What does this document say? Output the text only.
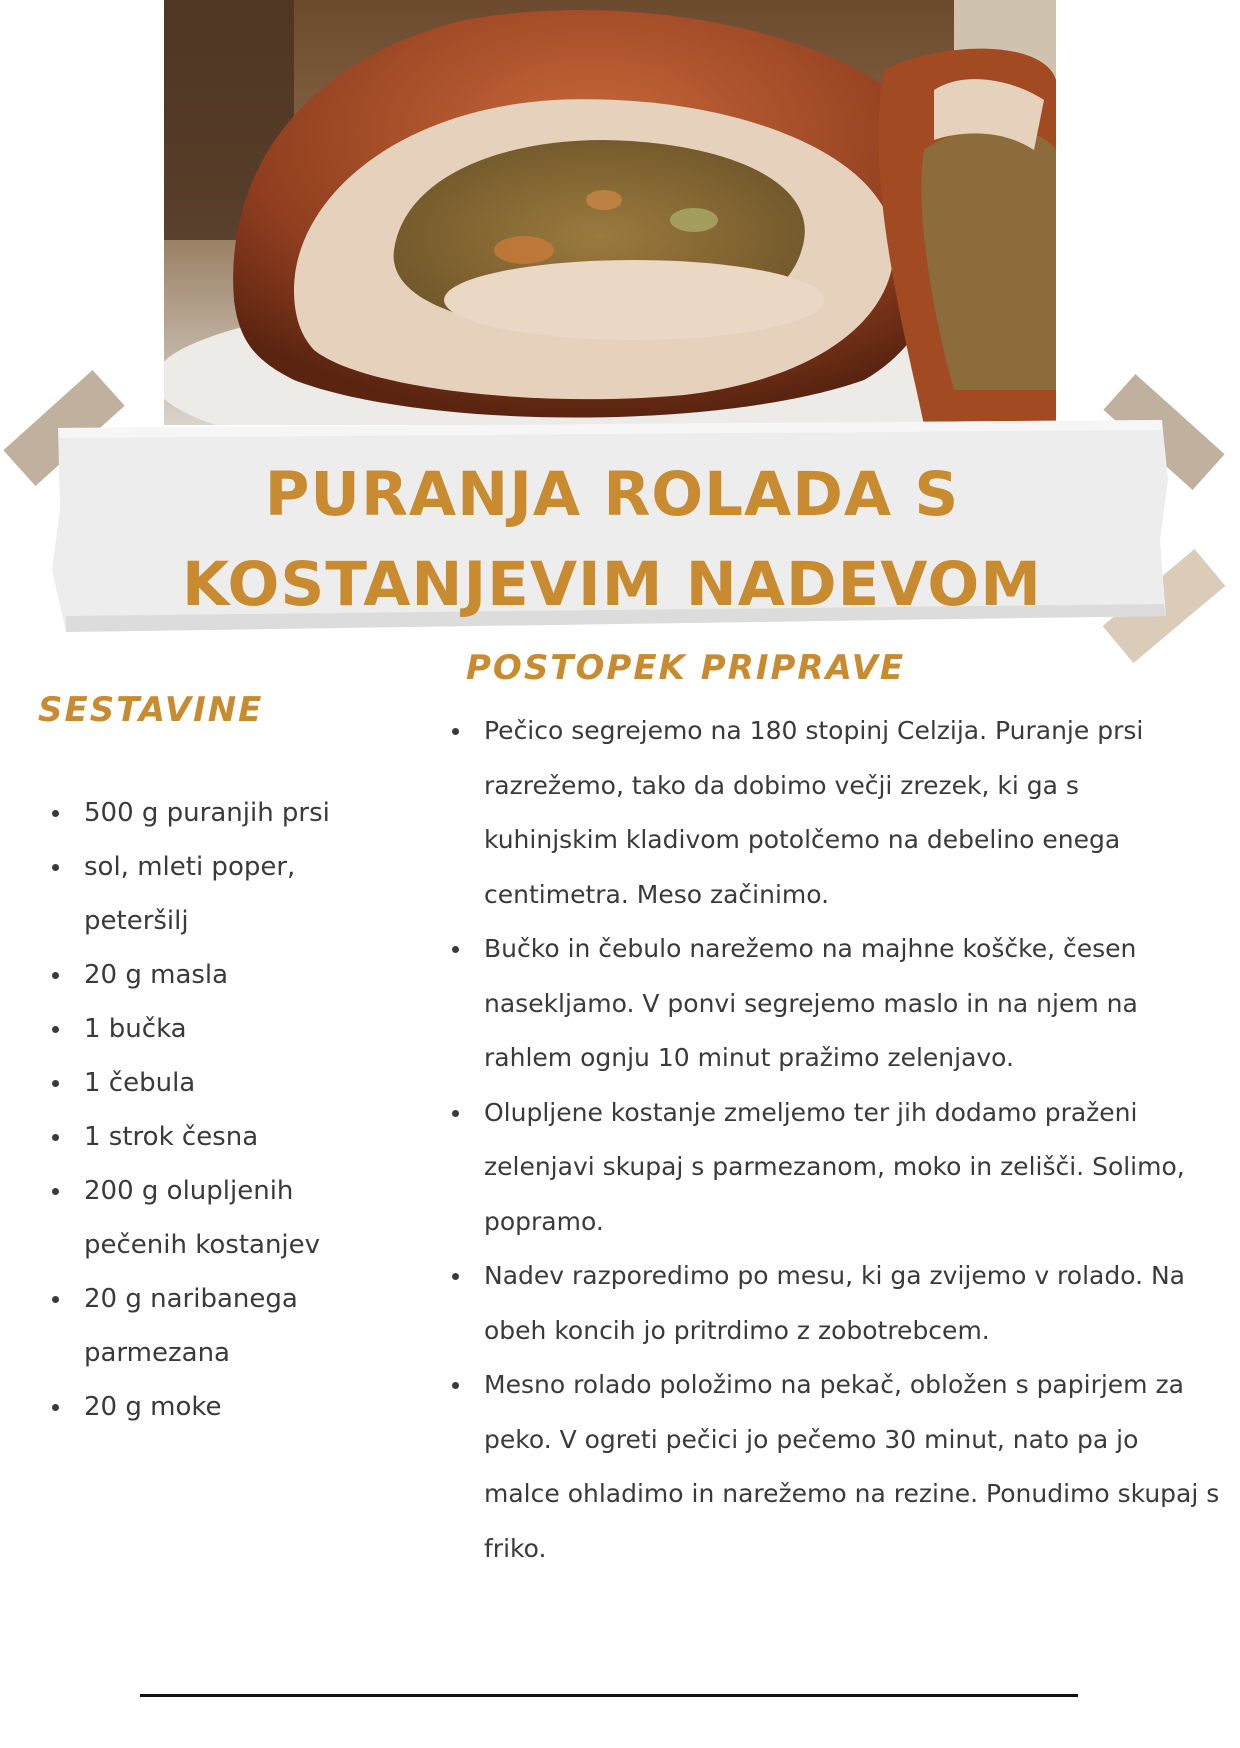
PURANJA ROLADA S
KOSTANJEVIM NADEVOM
SESTAVINE
500 g puranjih prsi
sol, mleti poper, peteršilj
20 g masla
1 bučka
1 čebula
1 strok česna
200 g olupljenih pečenih kostanjev
20 g naribanega parmezana
20 g moke
POSTOPEK PRIPRAVE
Pečico segrejemo na 180 stopinj Celzija. Puranje prsi razrežemo, tako da dobimo večji zrezek, ki ga s kuhinjskim kladivom potolčemo na debelino enega centimetra. Meso začinimo.
Bučko in čebulo narežemo na majhne koščke, česen nasekljamo. V ponvi segrejemo maslo in na njem na rahlem ognju 10 minut pražimo zelenjavo.
Olupljene kostanje zmeljemo ter jih dodamo praženi zelenjavi skupaj s parmezanom, moko in zelišči. Solimo, popramo.
Nadev razporedimo po mesu, ki ga zvijemo v rolado. Na obeh koncih jo pritrdimo z zobotrebcem.
Mesno rolado položimo na pekač, obložen s papirjem za peko. V ogreti pečici jo pečemo 30 minut, nato pa jo malce ohladimo in narežemo na rezine. Ponudimo skupaj s friko.
